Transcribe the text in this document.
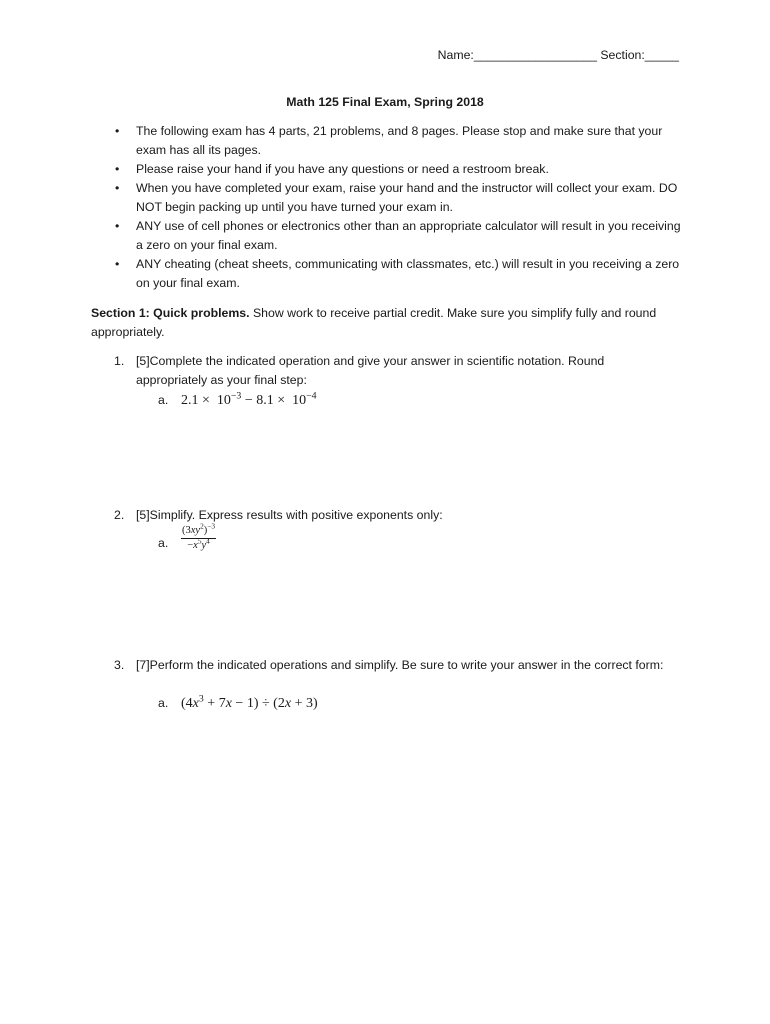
Name:__________________ Section:_____
Math 125 Final Exam, Spring 2018
• The following exam has 4 parts, 21 problems, and 8 pages. Please stop and make sure that your exam has all its pages.
• Please raise your hand if you have any questions or need a restroom break.
• When you have completed your exam, raise your hand and the instructor will collect your exam. DO NOT begin packing up until you have turned your exam in.
• ANY use of cell phones or electronics other than an appropriate calculator will result in you receiving a zero on your final exam.
• ANY cheating (cheat sheets, communicating with classmates, etc.) will result in you receiving a zero on your final exam.
Section 1: Quick problems. Show work to receive partial credit. Make sure you simplify fully and round appropriately.
1. [5]Complete the indicated operation and give your answer in scientific notation. Round appropriately as your final step:
a. $2.1 \times 10^{-3} - 8.1 \times 10^{-4}$
2. [5]Simplify. Express results with positive exponents only:
a. $\frac{(3xy^2)^{-3}}{-x^5y^4}$
3. [7]Perform the indicated operations and simplify. Be sure to write your answer in the correct form:
a. $(4x^3 + 7x - 1) \div (2x + 3)$
